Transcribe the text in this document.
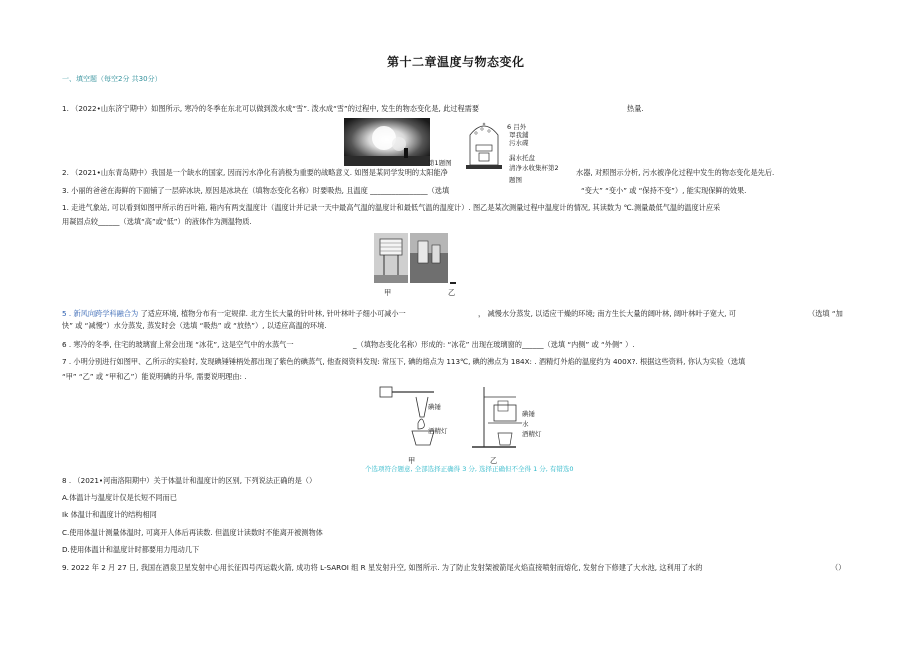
第十二章温度与物态变化
一、填空题（每空2分 共30分）
1. （2022•山东济宁期中）如图所示, 寒冷的冬季在东北可以做到泼水成“雪”. 泼水成“雪”的过程中, 发生的物态变化是, 此过程需要	热量.
第1题图
6 吕外
罩我鋪
污水碟
漏水托盘
清净水收集杯第2
题图
2. （2021•山东青岛期中）我国是一个缺水的国家, 因而污水净化有消极为重要的战略意义. 如图是某同学发明的太阳能净	水器, 对照图示分析, 污水被净化过程中发生的物态变化是先后.
3. 小丽的爸爸在海鲜的下面铺了一层碎冰块, 原因是冰块在（填物态变化名称）时要吸热, 且温度 ________________（选填	“变大” “变小” 或 “保持不变”）, 能实现保鲜的效果.
1. 走进气象站, 可以看到如图甲所示的百叶箱, 箱内有两支温度计（温度计并记录一天中最高气温的温度计和最低气温的温度计）. 图乙是某次测量过程中温度计的情况, 其读数为 ℃.测量最低气温的温度计应采
用凝固点较______（选填“高”或“低”）的液体作为测温物质.
甲	乙
5 . 新风向跨学科融合为 了适应环境, 植物分布有一定规律. 北方生长大量的针叶林, 针叶林叶子细小可减小一	， 减慢水分蒸发, 以适应干燥的环境; 南方生长大量的阔叶林, 阔叶林叶子宽大, 可	（选填 “加
快” 或 “减慢”）水分蒸发, 蒸发时会（选填 “吸热” 或 “放热”）, 以适应高温的环境.
6 . 寒冷的冬季, 住宅的玻璃窗上常会出现 “冰花”, 这是空气中的水蒸气一	_（填物态变化名称）形成的: “冰花” 出现在玻璃窗的______（选填 “内侧” 或 “外侧” ）.
7 . 小明分别进行如图甲、乙所示的实验时, 发现碘锤锤柄处都出现了紫色的碘蒸气, 他查阅资料发现: 常压下, 碘的熔点为 113℃, 碘的沸点为 184X: . 酒精灯外焰的温度约为 400X?. 根据这些资料, 你认为实验（选填
“甲” “乙” 或 “甲和乙”）能说明碘的升华, 需要说明理由: .
碘锤
酒精灯
碘锤
水
酒精灯
甲	乙
个选项符合题意, 全部选择正确得 3 分, 选择正确但不全得 1 分, 有错选0
8 . （2021•河南洛阳期中）关于体温计和温度计的区别, 下列说法正确的是（）
A.体温计与温度计仅是长短不同而已
Ik 体温计和温度计的结构相同
C.使用体温计测量体温时, 可离开人体后再读数. 但温度计读数时不能离开被测物体
D.使用体温计和温度计时都要用力甩动几下
9. 2022 年 2 月 27 日, 我国在酒泉卫星发射中心用长征四号丙运载火箭, 成功将 L-SAROI 组 R 星发射升空, 如图所示. 为了防止发射架被箭尾火焰直接喷射而熔化, 发射台下修建了大水池, 这利用了水的	（）
